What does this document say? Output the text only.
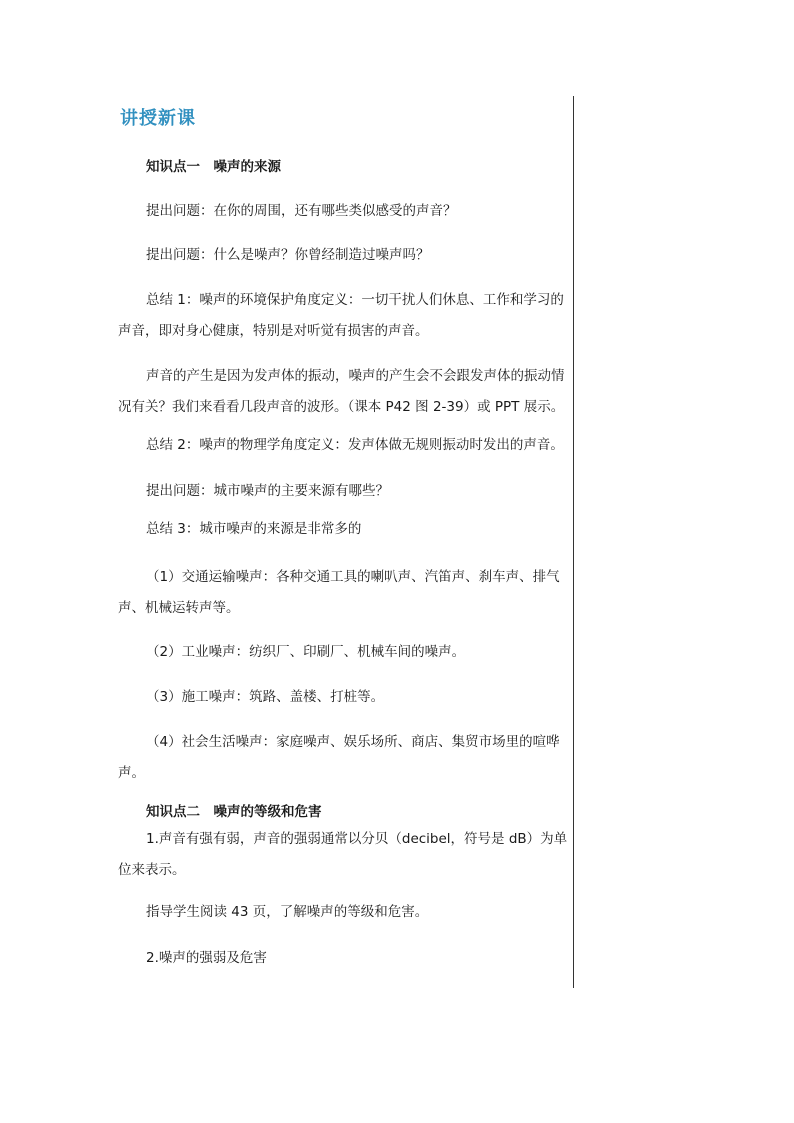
讲授新课
知识点一　噪声的来源
提出问题：在你的周围，还有哪些类似感受的声音？
提出问题：什么是噪声？你曾经制造过噪声吗？
总结 1：噪声的环境保护角度定义：一切干扰人们休息、工作和学习的声音，即对身心健康，特别是对听觉有损害的声音。
声音的产生是因为发声体的振动，噪声的产生会不会跟发声体的振动情况有关？我们来看看几段声音的波形。（课本 P42 图 2-39）或 PPT 展示。
总结 2：噪声的物理学角度定义：发声体做无规则振动时发出的声音。
提出问题：城市噪声的主要来源有哪些？
总结 3：城市噪声的来源是非常多的
（1）交通运输噪声：各种交通工具的喇叭声、汽笛声、刹车声、排气声、机械运转声等。
（2）工业噪声：纺织厂、印刷厂、机械车间的噪声。
（3）施工噪声：筑路、盖楼、打桩等。
（4）社会生活噪声：家庭噪声、娱乐场所、商店、集贸市场里的喧哗声。
知识点二　噪声的等级和危害
1.声音有强有弱，声音的强弱通常以分贝（decibel，符号是 dB）为单位来表示。
指导学生阅读 43 页，了解噪声的等级和危害。
2.噪声的强弱及危害
